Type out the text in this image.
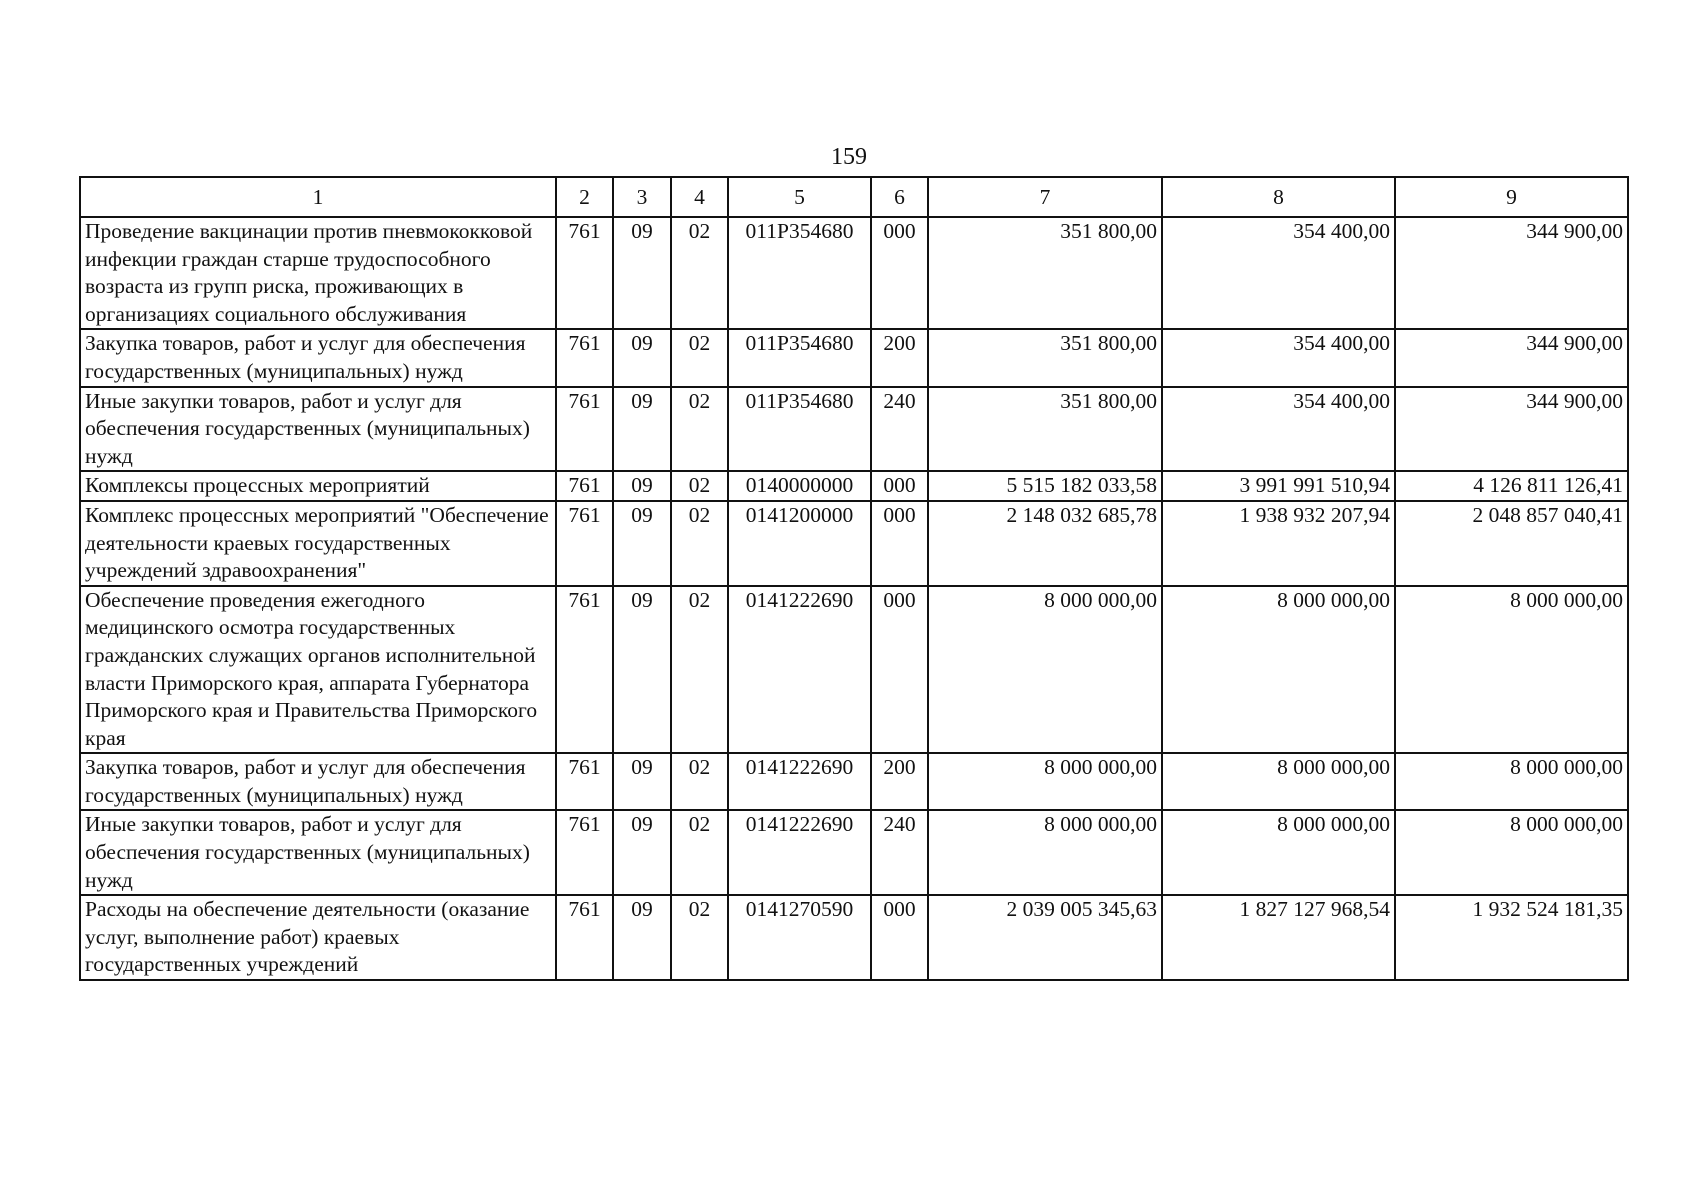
159
1	2	3	4	5	6	7	8	9
Проведение вакцинации против пневмококковой инфекции граждан старше трудоспособного возраста из групп риска, проживающих в организациях социального обслуживания	761	09	02	011Р354680	000	351 800,00	354 400,00	344 900,00
Закупка товаров, работ и услуг для обеспечения государственных (муниципальных) нужд	761	09	02	011Р354680	200	351 800,00	354 400,00	344 900,00
Иные закупки товаров, работ и услуг для обеспечения государственных (муниципальных) нужд	761	09	02	011Р354680	240	351 800,00	354 400,00	344 900,00
Комплексы процессных мероприятий	761	09	02	0140000000	000	5 515 182 033,58	3 991 991 510,94	4 126 811 126,41
Комплекс процессных мероприятий "Обеспечение деятельности краевых государственных учреждений здравоохранения"	761	09	02	0141200000	000	2 148 032 685,78	1 938 932 207,94	2 048 857 040,41
Обеспечение проведения ежегодного медицинского осмотра государственных гражданских служащих органов исполнительной власти Приморского края, аппарата Губернатора Приморского края и Правительства Приморского края	761	09	02	0141222690	000	8 000 000,00	8 000 000,00	8 000 000,00
Закупка товаров, работ и услуг для обеспечения государственных (муниципальных) нужд	761	09	02	0141222690	200	8 000 000,00	8 000 000,00	8 000 000,00
Иные закупки товаров, работ и услуг для обеспечения государственных (муниципальных) нужд	761	09	02	0141222690	240	8 000 000,00	8 000 000,00	8 000 000,00
Расходы на обеспечение деятельности (оказание услуг, выполнение работ) краевых государственных учреждений	761	09	02	0141270590	000	2 039 005 345,63	1 827 127 968,54	1 932 524 181,35
